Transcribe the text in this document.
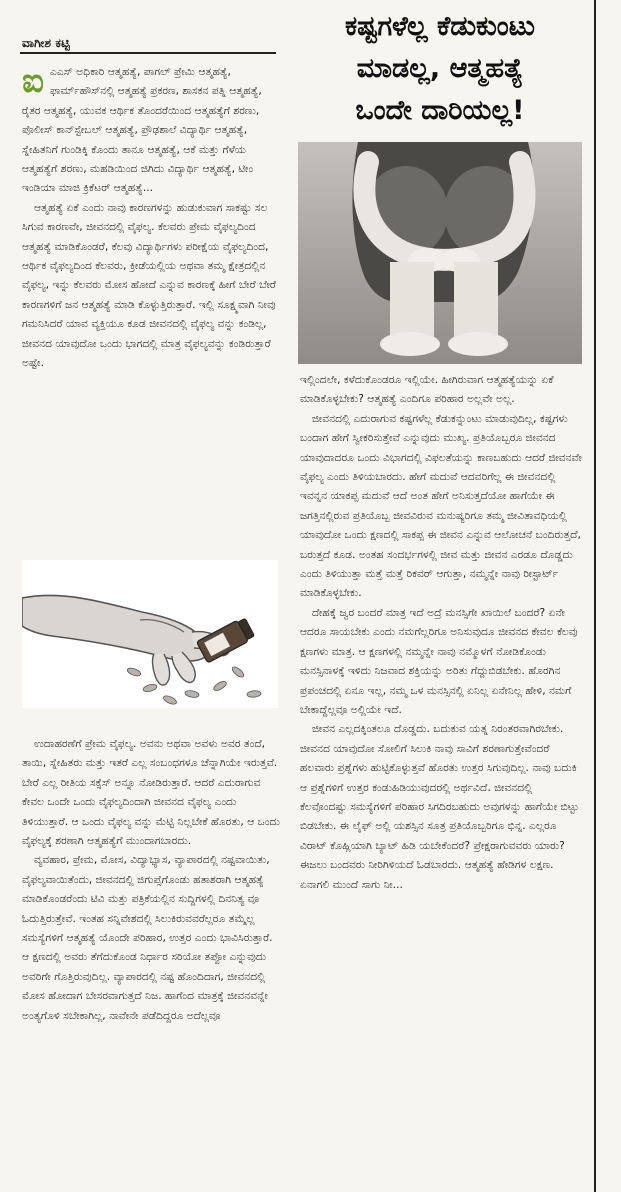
ವಾಗೀಶ ಕಟ್ಟಿ
ಕಷ್ಟಗಳೆಲ್ಲ ಕೆಡುಕುಂಟು
ಮಾಡಲ್ಲ, ಆತ್ಮಹತ್ಯೆ
ಒಂದೇ ದಾರಿಯಲ್ಲ!
ಐ ಎಎಸ್ ಅಧಿಕಾರಿ ಆತ್ಮಹತ್ಯೆ, ಪಾಗಲ್ ಪ್ರೇಮಿ ಆತ್ಮಹತ್ಯೆ, ಫಾರ್ಮ್‌ಹೌಸ್‌ನಲ್ಲಿ ಆತ್ಮಹತ್ಯೆ ಪ್ರಕರಣ, ಶಾಸಕನ ಪತ್ನಿ ಆತ್ಮಹತ್ಯೆ, ರೈತರ ಆತ್ಮಹತ್ಯೆ, ಯುವಕ ಆರ್ಥಿಕ ತೊಂದರೆಯಿಂದ ಆತ್ಮಹತ್ಯೆಗೆ ಶರಣು, ಪೊಲೀಸ್ ಕಾನ್‌ಸ್ಟೇಬಲ್ ಆತ್ಮಹತ್ಯೆ, ಪ್ರೌಢಶಾಲೆ ವಿದ್ಯಾರ್ಥಿ ಆತ್ಮಹತ್ಯೆ, ಸ್ನೇಹಿತನಿಗೆ ಗುಂಡಿಕ್ಕಿ ಕೊಂದು ತಾನೂ ಆತ್ಮಹತ್ಯೆ, ಆಕೆ ಮತ್ತು ಗೆಳೆಯ ಆತ್ಮಹತ್ಯೆಗೆ ಶರಣು, ಮಹಡಿಯಿಂದ ಜಿಗಿದು ವಿದ್ಯಾರ್ಥಿ ಆತ್ಮಹತ್ಯೆ, ಟೀಂ ಇಂಡಿಯಾ ಮಾಜಿ ಕ್ರಿಕೆಟರ್ ಆತ್ಮಹತ್ಯೆ...

ಆತ್ಮಹತ್ಯೆ ಏಕೆ ಎಂದು ನಾವು ಕಾರಣಗಳನ್ನು ಹುಡುಕುವಾಗ ಸಾಕಷ್ಟು ಸಲ ಸಿಗುವ ಕಾರಣವೇ, ಜೀವನದಲ್ಲಿ ವೈಫಲ್ಯ. ಕೆಲವರು ಪ್ರೇಮ ವೈಫಲ್ಯದಿಂದ ಆತ್ಮಹತ್ಯೆ ಮಾಡಿಕೊಂಡರೆ, ಕೆಲವು ವಿದ್ಯಾರ್ಥಿಗಳು ಪರೀಕ್ಷೆಯ ವೈಫಲ್ಯದಿಂದ, ಆರ್ಥಿಕ ವೈಫಲ್ಯದಿಂದ ಕೆಲವರು, ಕ್ರೀಡೆಯಲ್ಲಿಯ ಅಥವಾ ತಮ್ಮ ಕ್ಷೇತ್ರದಲ್ಲಿನ ವೈಫಲ್ಯ, ಇನ್ನು ಕೆಲವರು ಮೋಸ ಹೋದೆ ಎನ್ನುವ ಕಾರಣಕ್ಕೆ ಹೀಗೆ ಬೇರೆ ಬೇರೆ ಕಾರಣಗಳಿಗೆ ಜನ ಆತ್ಮಹತ್ಯೆ ಮಾಡಿ ಕೊಳ್ಳುತ್ತಿರುತ್ತಾರೆ. ಇಲ್ಲಿ ಸೂಕ್ಷ್ಮವಾಗಿ ನೀವು ಗಮನಿಸಿದರೆ ಯಾವ ವ್ಯಕ್ತಿಯೂ ಕೂಡ ಜೀವನದಲ್ಲಿ ವೈಫಲ್ಯ ವನ್ನು ಕಂಡಿಲ್ಲ, ಜೀವನದ ಯಾವುದೋ ಒಂದು ಭಾಗದಲ್ಲಿ ಮಾತ್ರ ವೈಫಲ್ಯವನ್ನು ಕಂಡಿರುತ್ತಾರೆ ಅಷ್ಟೇ.

ಉದಾಹರಣೆಗೆ ಪ್ರೇಮ ವೈಫಲ್ಯ. ಅವನು ಅಥವಾ ಅವಳು ಅವರ ತಂದೆ, ತಾಯಿ, ಸ್ನೇಹಿತರು ಮತ್ತು ಇತರೆ ಎಲ್ಲ ಸಂಬಂಧಗಳೂ ಚೆನ್ನಾಗಿಯೇ ಇರುತ್ತವೆ. ಬೇರೆ ಎಲ್ಲ ರೀತಿಯ ಸಕ್ಸೆಸ್ ಅನ್ನೂ ನೋಡಿರುತ್ತಾರೆ. ಆದರೆ ಎದುರಾಗುವ ಕೇವಲ ಒಂದೇ ಒಂದು ವೈಫಲ್ಯದಿಂದಾಗಿ ಜೀವನದ ವೈಫಲ್ಯ ಎಂದು ತಿಳಿಯುತ್ತಾರೆ. ಆ ಒಂದು ವೈಫಲ್ಯ ವನ್ನು ಮೆಟ್ಟಿ ನಿಲ್ಲಬೇಕೆ ಹೊರತು, ಆ ಒಂದು ವೈಫಲ್ಯಕ್ಕೆ ಶರಣಾಗಿ ಆತ್ಮಹತ್ಯೆಗೆ ಮುಂದಾಗಬಾರದು.

ವ್ಯವಹಾರ, ಪ್ರೇಮ, ಮೋಸ, ವಿದ್ಯಾಭ್ಯಾಸ, ವ್ಯಾಪಾರದಲ್ಲಿ ನಷ್ಟವಾಯಿತು, ವೈಫಲ್ಯವಾಯಿತೆಂದು, ಜೀವನದಲ್ಲಿ ಜಿಗುಪ್ಸೆಗೊಂಡು ಹತಾಶರಾಗಿ ಆತ್ಮಹತ್ಯೆ ಮಾಡಿಕೊಂಡರೆಂದು ಟಿವಿ ಮತ್ತು ಪತ್ರಿಕೆಯಲ್ಲಿನ ಸುದ್ದಿಗಳಲ್ಲಿ ದಿನನಿತ್ಯ ವೂ ಓದುತ್ತಿರುತ್ತೇವೆ. ಇಂತಹ ಸನ್ನಿವೇಶದಲ್ಲಿ ಸಿಲುಕಿರುವವರೆಲ್ಲರೂ ತಮ್ಮೆಲ್ಲ ಸಮಸ್ಯೆಗಳಿಗೆ ಆತ್ಮಹತ್ಯೆ ಯೊಂದೇ ಪರಿಹಾರ, ಉತ್ತರ ಎಂದು ಭಾವಿಸಿರುತ್ತಾರೆ. ಆ ಕ್ಷಣದಲ್ಲಿ ಅವರು ತೆಗೆದುಕೊಂಡ ನಿರ್ಧಾರ ಸರಿಯೋ ತಪ್ಪೋ ಎನ್ನುವುದು ಅವರಿಗೇ ಗೊತ್ತಿರುವುದಿಲ್ಲ. ವ್ಯಾಪಾರದಲ್ಲಿ ನಷ್ಟ ಹೊಂದಿದಾಗ, ಜೀವನದಲ್ಲಿ ಮೋಸ ಹೋದಾಗ ಬೇಸರವಾಗುತ್ತದೆ ನಿಜ. ಹಾಗೆಂದ ಮಾತ್ರಕ್ಕೆ ಜೀವನವನ್ನೇ ಅಂತ್ಯಗೊಳಿ ಸಬೇಕಾಗಿಲ್ಲ, ನಾವೇನೇ ಪಡೆದಿದ್ದರೂ ಅದೆಲ್ಲವೂ

ಇಲ್ಲಿಂದಲೇ, ಕಳೆದುಕೊಂಡರೂ ಇಲ್ಲಿಯೇ. ಹೀಗಿರುವಾಗ ಆತ್ಮಹತ್ಯೆಯನ್ನು ಏಕೆ ಮಾಡಿಕೊಳ್ಳಬೇಕು? ಆತ್ಮಹತ್ಯೆ ಎಂದಿಗೂ ಪರಿಹಾರ ಅಲ್ಲವೇ ಅಲ್ಲ.

ಜೀವನದಲ್ಲಿ ಎದುರಾಗುವ ಕಷ್ಟಗಳೆಲ್ಲ ಕೆಡುಕನ್ನುಂಟು ಮಾಡುವುದಿಲ್ಲ, ಕಷ್ಟಗಳು ಬಂದಾಗ ಹೇಗೆ ಸ್ವೀಕರಿಸುತ್ತೇವೆ ಎನ್ನುವುದು ಮುಖ್ಯ. ಪ್ರತಿಯೊಬ್ಬರೂ ಜೀವನದ ಯಾವುದಾದರೂ ಒಂದು ವಿಭಾಗದಲ್ಲಿ ವಿಫಲತೆಯನ್ನು ಕಾಣಬಹುದು ಆದರೆ ಜೀವನವೇ ವೈಫಲ್ಯ ಎಂದು ತಿಳಿಯಬಾರದು. ಹೇಗೆ ಮದುವೆ ಆದವರಿಗೆಲ್ಲ ಈ ಜೀವನದಲ್ಲಿ ಇವನ್ನನ ಯಾಕಪ್ಪ ಮದುವೆ ಆದೆ ಅಂತ ಹೇಗೆ ಅನಿಸುತ್ತದೆಯೋ ಹಾಗೆಯೇ ಈ ಜಗತ್ತಿನಲ್ಲಿರುವ ಪ್ರತಿಯೊಬ್ಬ ಜೀವವಿರುವ ಮನುಷ್ಯರಿಗೂ ತಮ್ಮ ಜೀವಿತಾವಧಿಯಲ್ಲಿ ಯಾವುದೋ ಒಂದು ಕ್ಷಣದಲ್ಲಿ ಸಾಕಪ್ಪ ಈ ಜೀವನ ಎನ್ನುವ ಆಲೋಚನೆ ಬಂದಿರುತ್ತದೆ, ಬರುತ್ತದೆ ಕೂಡ. ಅಂತಹ ಸಂದರ್ಭಗಳಲ್ಲಿ ಜೀವ ಮತ್ತು ಜೀವನ ಎರಡೂ ದೊಡ್ಡದು ಎಂದು ತಿಳಿಯುತ್ತಾ ಮತ್ತೆ ಮತ್ತೆ ರಿಕವರ್ ಆಗುತ್ತಾ, ನಮ್ಮನ್ನೇ ನಾವು ರೀಸ್ಟಾರ್ಟ್ ಮಾಡಿಕೊಳ್ಳಬೇಕು.

ದೇಹಕ್ಕೆ ಜ್ವರ ಬಂದರೆ ಮಾತ್ರ ಇದೆ ಅದ್ರೆ ಮನಸ್ಸಿಗೇ ಖಾಯಿಲೆ ಬಂದರೆ? ಏನೇ ಆದರೂ ಸಾಯಬೇಕು ಎಂದು ನಮಗೆಲ್ಲರಿಗೂ ಅನಿಸುವುದೂ ಜೀವನದ ಕೇವಲ ಕೆಲವು ಕ್ಷಣಗಳು ಮಾತ್ರ. ಆ ಕ್ಷಣಗಳಲ್ಲಿ ನಮ್ಮನ್ನೇ ನಾವು ನಮ್ಮೊಳಗೆ ನೋಡಿಕೊಂಡು ಮನಸ್ಸಿನಾಳಕ್ಕೆ ಇಳಿದು ನಿಜವಾದ ಶಕ್ತಿಯನ್ನು ಅರಿತು ಗೆದ್ದುಬಿಡಬೇಕು. ಹೊರಗಿನ ಪ್ರಪಂಚದಲ್ಲಿ ಏನೂ ಇಲ್ಲ, ನಮ್ಮ ಒಳ ಮನಸ್ಸಿನಲ್ಲಿ ಏನಿಲ್ಲ ಏನೇನಿಲ್ಲ ಹೇಳಿ, ನಮಗೆ ಬೇಕಾದ್ದೆಲ್ಲವೂ ಅಲ್ಲಿಯೇ ಇದೆ.

ಜೀವನ ಎಲ್ಲದಕ್ಕಿಂತಲೂ ದೊಡ್ಡದು. ಬದುಕುವ ಯತ್ನ ನಿರಂತರವಾಗಿರಬೇಕು. ಜೀವನದ ಯಾವುದೋ ಸೋಲಿಗೆ ಸಿಲುಕಿ ನಾವು ಸಾವಿಗೆ ಶರಣಾಗುತ್ತೇವೆಂದರೆ ಹಲವಾರು ಪ್ರಶ್ನೆಗಳು ಹುಟ್ಟಿಕೊಳ್ಳುತ್ತವೆ ಹೊರತು ಉತ್ತರ ಸಿಗುವುದಿಲ್ಲ. ನಾವು ಬದುಕಿ ಆ ಪ್ರಶ್ನೆಗಳಿಗೆ ಉತ್ತರ ಕಂಡುಹಿಡಿಯುವುದರಲ್ಲಿ ಅರ್ಥವಿದೆ. ಜೀವನದಲ್ಲಿ ಕೆಲವೊಂದಷ್ಟು ಸಮಸ್ಯೆಗಳಿಗೆ ಪರಿಹಾರ ಸಿಗದಿರಬಹುದು ಅವುಗಳನ್ನು ಹಾಗೆಯೇ ಬಿಟ್ಟು ಬಿಡಬೇಕು. ಈ ಲೈಫ್ ಅಲ್ಲಿ ಯಶಸ್ಸಿನ ಸೂತ್ರ ಪ್ರತಿಯೊಬ್ಬರಿಗೂ ಭಿನ್ನ. ಎಲ್ಲರೂ ವಿರಾಟ್ ಕೊಹ್ಲಿಯಾಗಿ ಬ್ಯಾಟ್ ಹಿಡಿ ಯಬೇಕೆಂದರೆ? ಪ್ರೇಕ್ಷರಾಗುವವರು ಯಾರು? ಈಜಲು ಬಂದವರು ನೀರಿಗಿಳಿಯದೆ ಓಡಬಾರದು. ಆತ್ಮಹತ್ಯೆ ಹೇಡಿಗಳ ಲಕ್ಷಣ. ಏನಾಗಲಿ ಮುಂದೆ ಸಾಗು ನೀ...
